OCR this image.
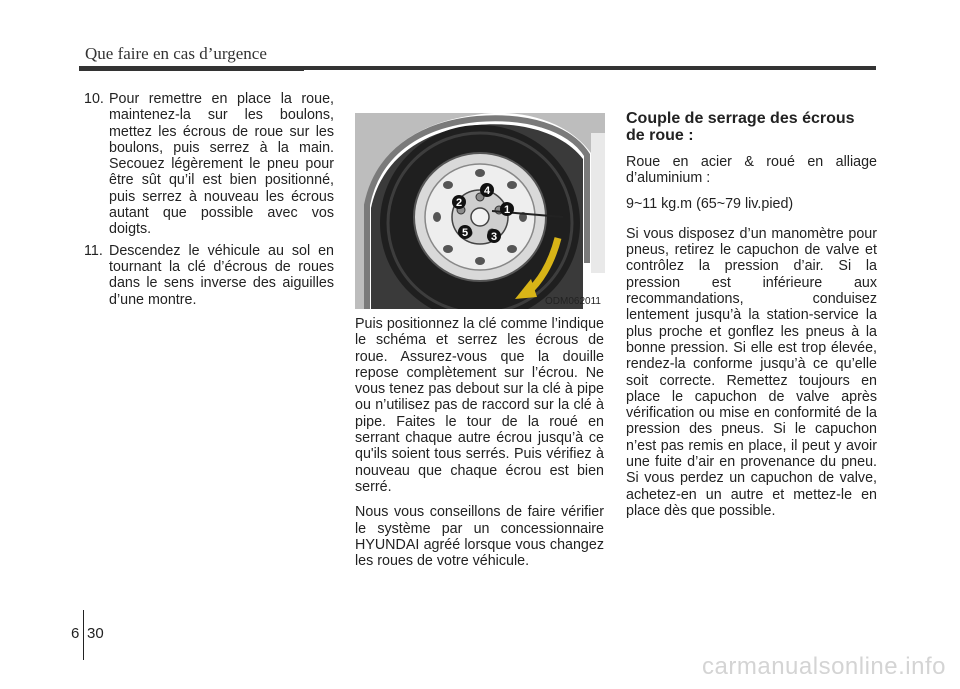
Que faire en cas d’urgence
10. Pour remettre en place la roue, maintenez-la sur les boulons, mettez les écrous de roue sur les boulons, puis serrez à la main. Secouez légèrement le pneu pour être sût qu’il est bien positionné, puis serrez à nouveau les écrous autant que possible avec vos doigts.
11. Descendez le véhicule au sol en tournant la clé d’écrous de roues dans le sens inverse des aiguilles d’une montre.
1
2
3
4
5
ODM062011

Puis positionnez la clé comme l’indique le schéma et serrez les écrous de roue. Assurez-vous que la douille repose complètement sur l’écrou. Ne vous tenez pas debout sur la clé à pipe ou n’utilisez pas de raccord sur la clé à pipe. Faites le tour de la roué en serrant chaque autre écrou jusqu’à ce qu'ils soient tous serrés. Puis vérifiez à nouveau que chaque écrou est bien serré.

Nous vous conseillons de faire vérifier le système par un concessionnaire HYUNDAI agréé lorsque vous changez les roues de votre véhicule.

Couple de serrage des écrous de roue :

Roue en acier & roué en alliage d’aluminium :

9~11 kg.m (65~79 liv.pied)

Si vous disposez d’un manomètre pour pneus, retirez le capuchon de valve et contrôlez la pression d’air. Si la pression est inférieure aux recommandations, conduisez lentement jusqu’à la station-service la plus proche et gonflez les pneus à la bonne pression. Si elle est trop élevée, rendez-la conforme jusqu’à ce qu’elle soit correcte. Remettez toujours en place le capuchon de valve après vérification ou mise en conformité de la pression des pneus. Si le capuchon n’est pas remis en place, il peut y avoir une fuite d’air en provenance du pneu. Si vous perdez un capuchon de valve, achetez-en un autre et mettez-le en place dès que possible.

6 30
carmanualsonline.info
